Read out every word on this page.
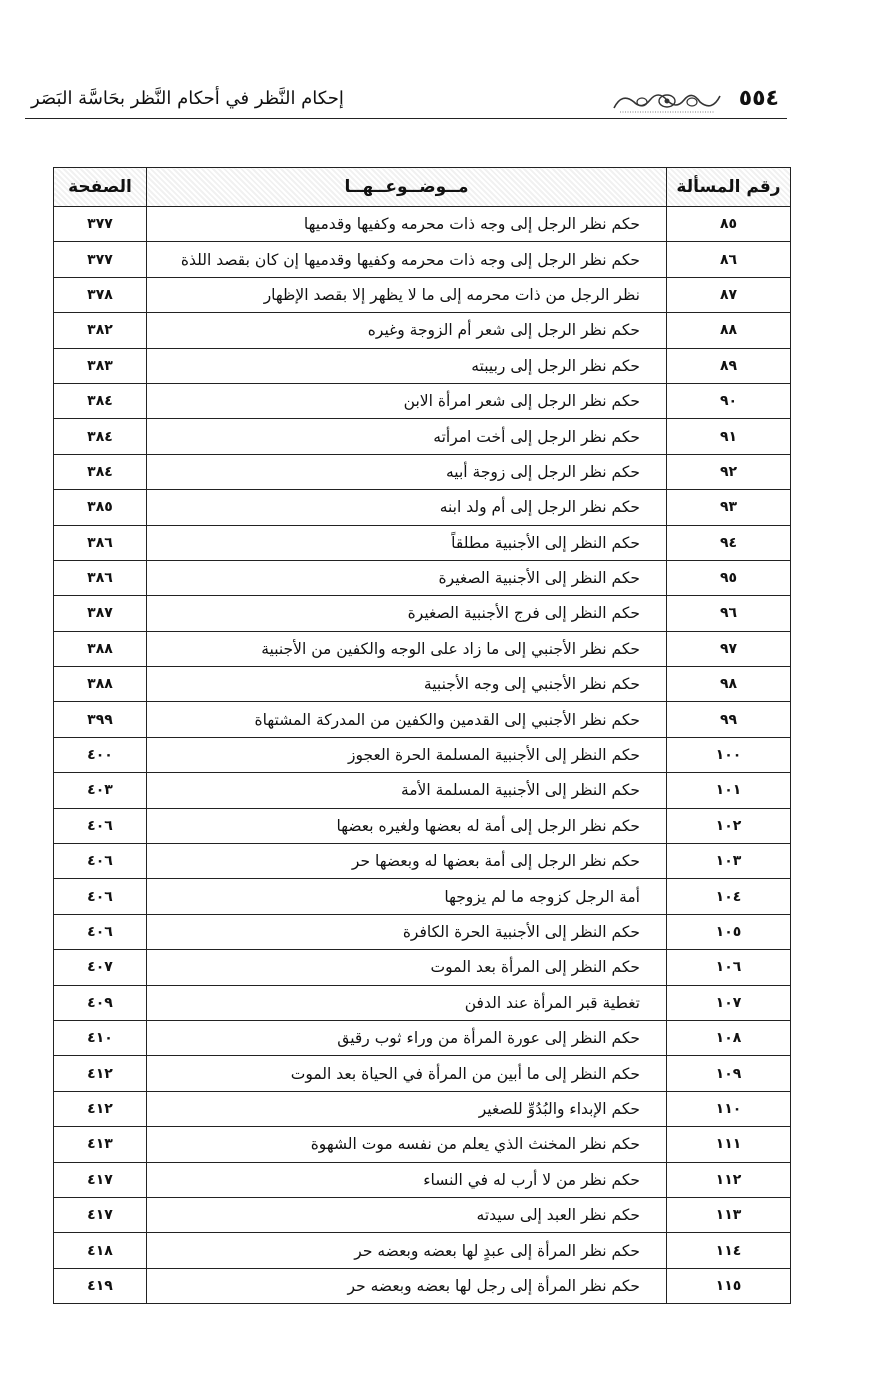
٥٥٤
إحكام النَّظر في أحكام النَّظر بحَاسَّة البَصَر
رقم المسألة	مــوضــوعــهــا	الصفحة
٨٥	حكم نظر الرجل إلى وجه ذات محرمه وكفيها وقدميها	٣٧٧
٨٦	حكم نظر الرجل إلى وجه ذات محرمه وكفيها وقدميها إن كان بقصد اللذة	٣٧٧
٨٧	نظر الرجل من ذات محرمه إلى ما لا يظهر إلا بقصد الإظهار	٣٧٨
٨٨	حكم نظر الرجل إلى شعر أم الزوجة وغيره	٣٨٢
٨٩	حكم نظر الرجل إلى ربيبته	٣٨٣
٩٠	حكم نظر الرجل إلى شعر امرأة الابن	٣٨٤
٩١	حكم نظر الرجل إلى أخت امرأته	٣٨٤
٩٢	حكم نظر الرجل إلى زوجة أبيه	٣٨٤
٩٣	حكم نظر الرجل إلى أم ولد ابنه	٣٨٥
٩٤	حكم النظر إلى الأجنبية مطلقاً	٣٨٦
٩٥	حكم النظر إلى الأجنبية الصغيرة	٣٨٦
٩٦	حكم النظر إلى فرج الأجنبية الصغيرة	٣٨٧
٩٧	حكم نظر الأجنبي إلى ما زاد على الوجه والكفين من الأجنبية	٣٨٨
٩٨	حكم نظر الأجنبي إلى وجه الأجنبية	٣٨٨
٩٩	حكم نظر الأجنبي إلى القدمين والكفين من المدركة المشتهاة	٣٩٩
١٠٠	حكم النظر إلى الأجنبية المسلمة الحرة العجوز	٤٠٠
١٠١	حكم النظر إلى الأجنبية المسلمة الأمة	٤٠٣
١٠٢	حكم نظر الرجل إلى أمة له بعضها ولغيره بعضها	٤٠٦
١٠٣	حكم نظر الرجل إلى أمة بعضها له وبعضها حر	٤٠٦
١٠٤	أمة الرجل كزوجه ما لم يزوجها	٤٠٦
١٠٥	حكم النظر إلى الأجنبية الحرة الكافرة	٤٠٦
١٠٦	حكم النظر إلى المرأة بعد الموت	٤٠٧
١٠٧	تغطية قبر المرأة عند الدفن	٤٠٩
١٠٨	حكم النظر إلى عورة المرأة من وراء ثوب رقيق	٤١٠
١٠٩	حكم النظر إلى ما أبين من المرأة في الحياة بعد الموت	٤١٢
١١٠	حكم الإبداء والبُدُوِّ للصغير	٤١٢
١١١	حكم نظر المخنث الذي يعلم من نفسه موت الشهوة	٤١٣
١١٢	حكم نظر من لا أرب له في النساء	٤١٧
١١٣	حكم نظر العبد إلى سيدته	٤١٧
١١٤	حكم نظر المرأة إلى عبدٍ لها بعضه وبعضه حر	٤١٨
١١٥	حكم نظر المرأة إلى رجل لها بعضه وبعضه حر	٤١٩
